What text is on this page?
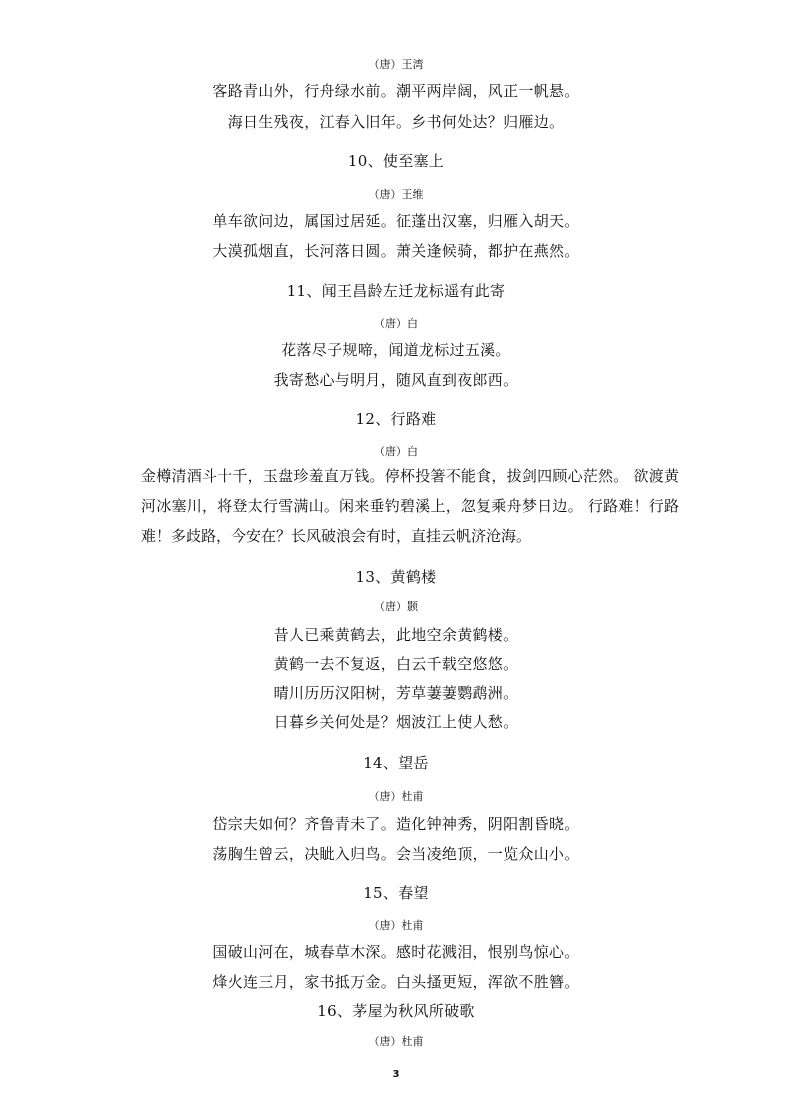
（唐）王湾
客路青山外，行舟绿水前。潮平两岸阔，风正一帆悬。
海日生残夜，江春入旧年。乡书何处达？归雁边。
10、使至塞上
（唐）王维
单车欲问边，属国过居延。征蓬出汉塞，归雁入胡天。
大漠孤烟直，长河落日圆。萧关逢候骑，都护在燕然。
11、闻王昌龄左迁龙标遥有此寄
（唐）白
花落尽子规啼，闻道龙标过五溪。
我寄愁心与明月，随风直到夜郎西。
12、行路难
（唐）白
金樽清酒斗十千，玉盘珍羞直万钱。停杯投箸不能食，拔剑四顾心茫然。 欲渡黄河冰塞川，将登太行雪满山。闲来垂钓碧溪上，忽复乘舟梦日边。 行路难！行路难！多歧路，今安在？长风破浪会有时，直挂云帆济沧海。
13、黄鹤楼
（唐）颢
昔人已乘黄鹤去，此地空余黄鹤楼。
黄鹤一去不复返，白云千载空悠悠。
晴川历历汉阳树，芳草萋萋鹦鹉洲。
日暮乡关何处是？烟波江上使人愁。
14、望岳
（唐）杜甫
岱宗夫如何？齐鲁青未了。造化钟神秀，阴阳割昏晓。
荡胸生曾云，决眦入归鸟。会当凌绝顶，一览众山小。
15、春望
（唐）杜甫
国破山河在，城春草木深。感时花溅泪，恨别鸟惊心。
烽火连三月，家书抵万金。白头搔更短，浑欲不胜簪。
16、茅屋为秋风所破歌
（唐）杜甫
3
